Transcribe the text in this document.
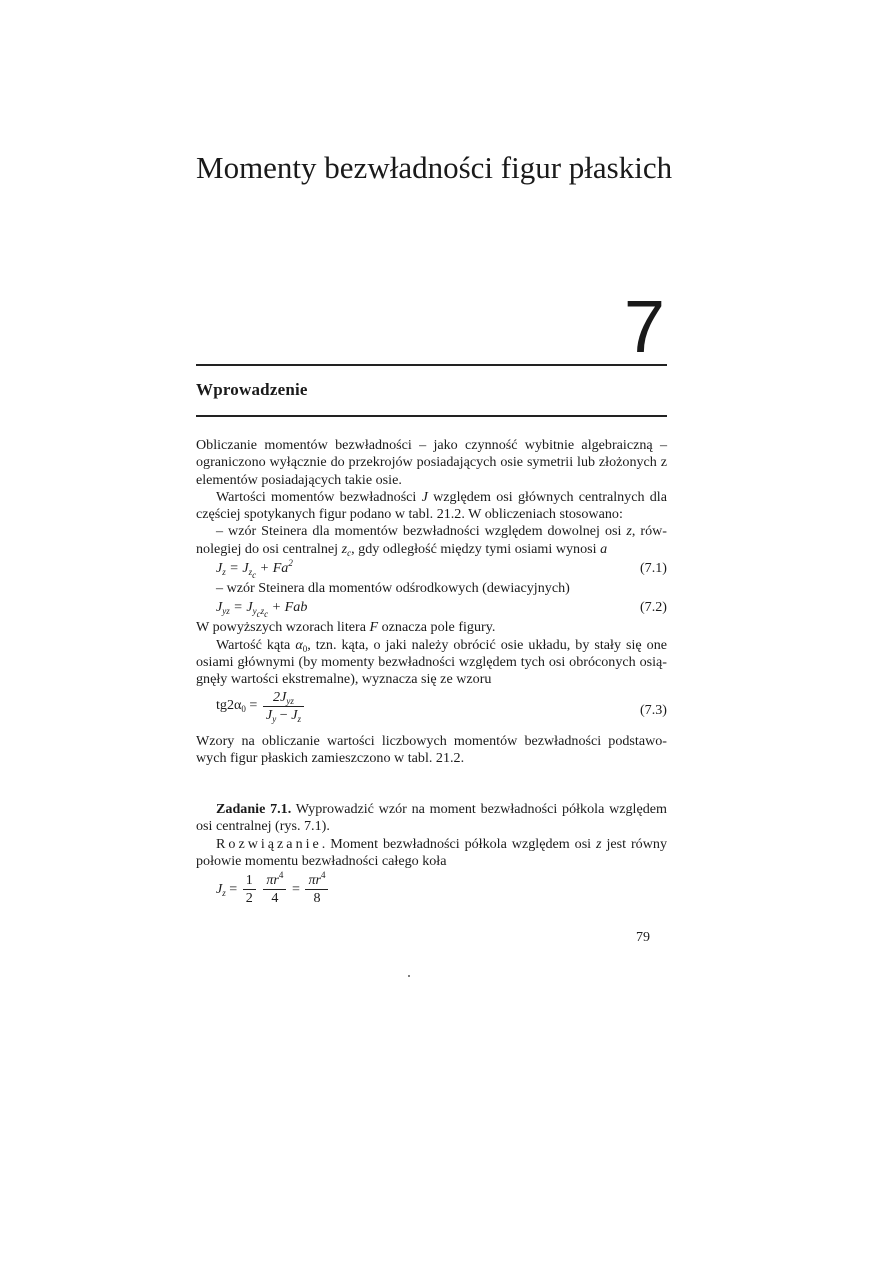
Momenty bezwładności figur płaskich
7
Wprowadzenie

Obliczanie momentów bezwładności – jako czynność wybitnie algebraiczną – ograniczono wyłącznie do przekrojów posiadających osie symetrii lub złożonych z elementów posiadających takie osie.

Wartości momentów bezwładności J względem osi głównych centralnych dla częściej spotykanych figur podano w tabl. 21.2. W obliczeniach stosowano:

– wzór Steinera dla momentów bezwładności względem dowolnej osi z, rów-nolegiej do osi centralnej $z_c$, gdy odległość między tymi osiami wynosi a

$J_z = J_{z_c} + Fa^2$	(7.1)

– wzór Steinera dla momentów odśrodkowych (dewiacyjnych)

$J_{yz} = J_{y_cz_c}$ + Fab	(7.2)

W powyższych wzorach litera F oznacza pole figury.

Wartość kąta $\alpha_0$, tzn. kąta, o jaki należy obrócić osie układu, by stały się one osiami głównymi (by momenty bezwładności względem tych osi obróconych osią-gnęły wartości ekstremalne), wyznacza się ze wzoru

$tg2\alpha_0 = \frac{2J_{yz}}{J_y - J_z}$	(7.3)

Wzory na obliczanie wartości liczbowych momentów bezwładności podstawo-wych figur płaskich zamieszczono w tabl. 21.2.

Zadanie 7.1. Wyprowadzić wzór na moment bezwładności półkola względem osi centralnej (rys. 7.1).

Rozwiązanie. Moment bezwładności półkola względem osi z jest równy połowie momentu bezwładności całego koła

$J_z = \frac{1}{2}$
$\frac{\pi r^4}{4} = \frac{\pi r^4}{8}$
79
